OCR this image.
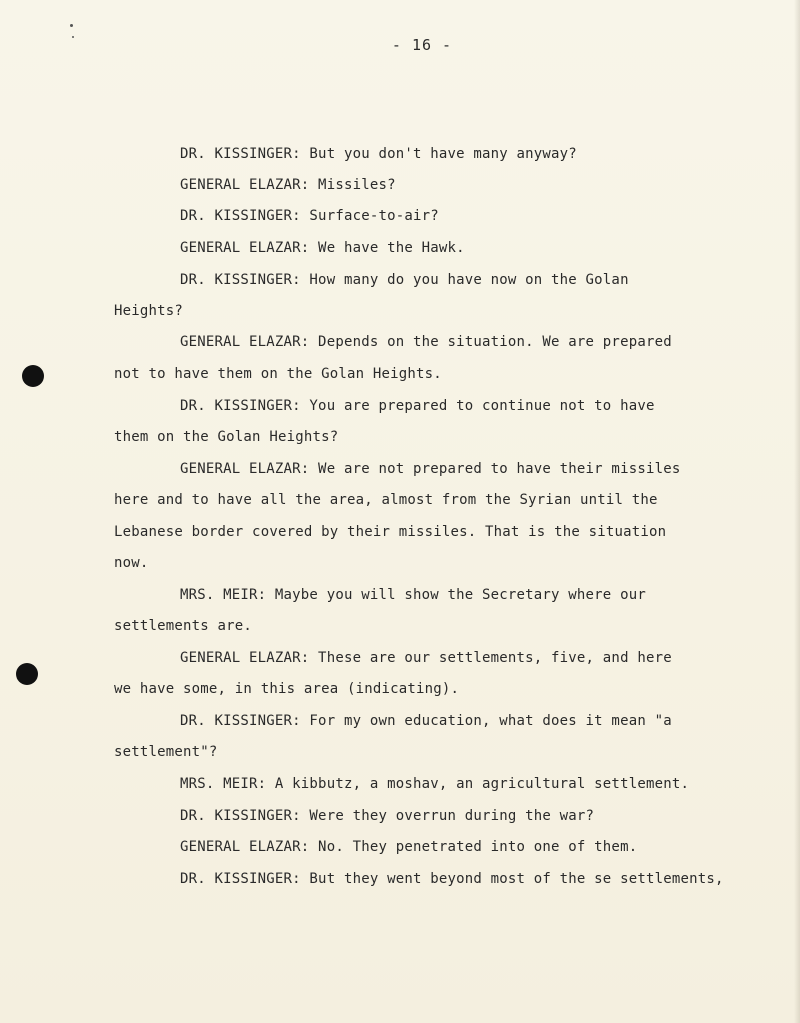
- 16 -
DR. KISSINGER: But you don't have many anyway?
GENERAL ELAZAR: Missiles?
DR. KISSINGER: Surface-to-air?
GENERAL ELAZAR: We have the Hawk.
DR. KISSINGER: How many do you have now on the Golan
Heights?
GENERAL ELAZAR: Depends on the situation. We are prepared
not to have them on the Golan Heights.
DR. KISSINGER: You are prepared to continue not to have
them on the Golan Heights?
GENERAL ELAZAR: We are not prepared to have their missiles
here and to have all the area, almost from the Syrian until the
Lebanese border covered by their missiles. That is the situation
now.
MRS. MEIR: Maybe you will show the Secretary where our
settlements are.
GENERAL ELAZAR: These are our settlements, five, and here
we have some, in this area (indicating).
DR. KISSINGER: For my own education, what does it mean "a
settlement"?
MRS. MEIR: A kibbutz, a moshav, an agricultural settlement.
DR. KISSINGER: Were they overrun during the war?
GENERAL ELAZAR: No. They penetrated into one of them.
DR. KISSINGER: But they went beyond most of the se settlements,
